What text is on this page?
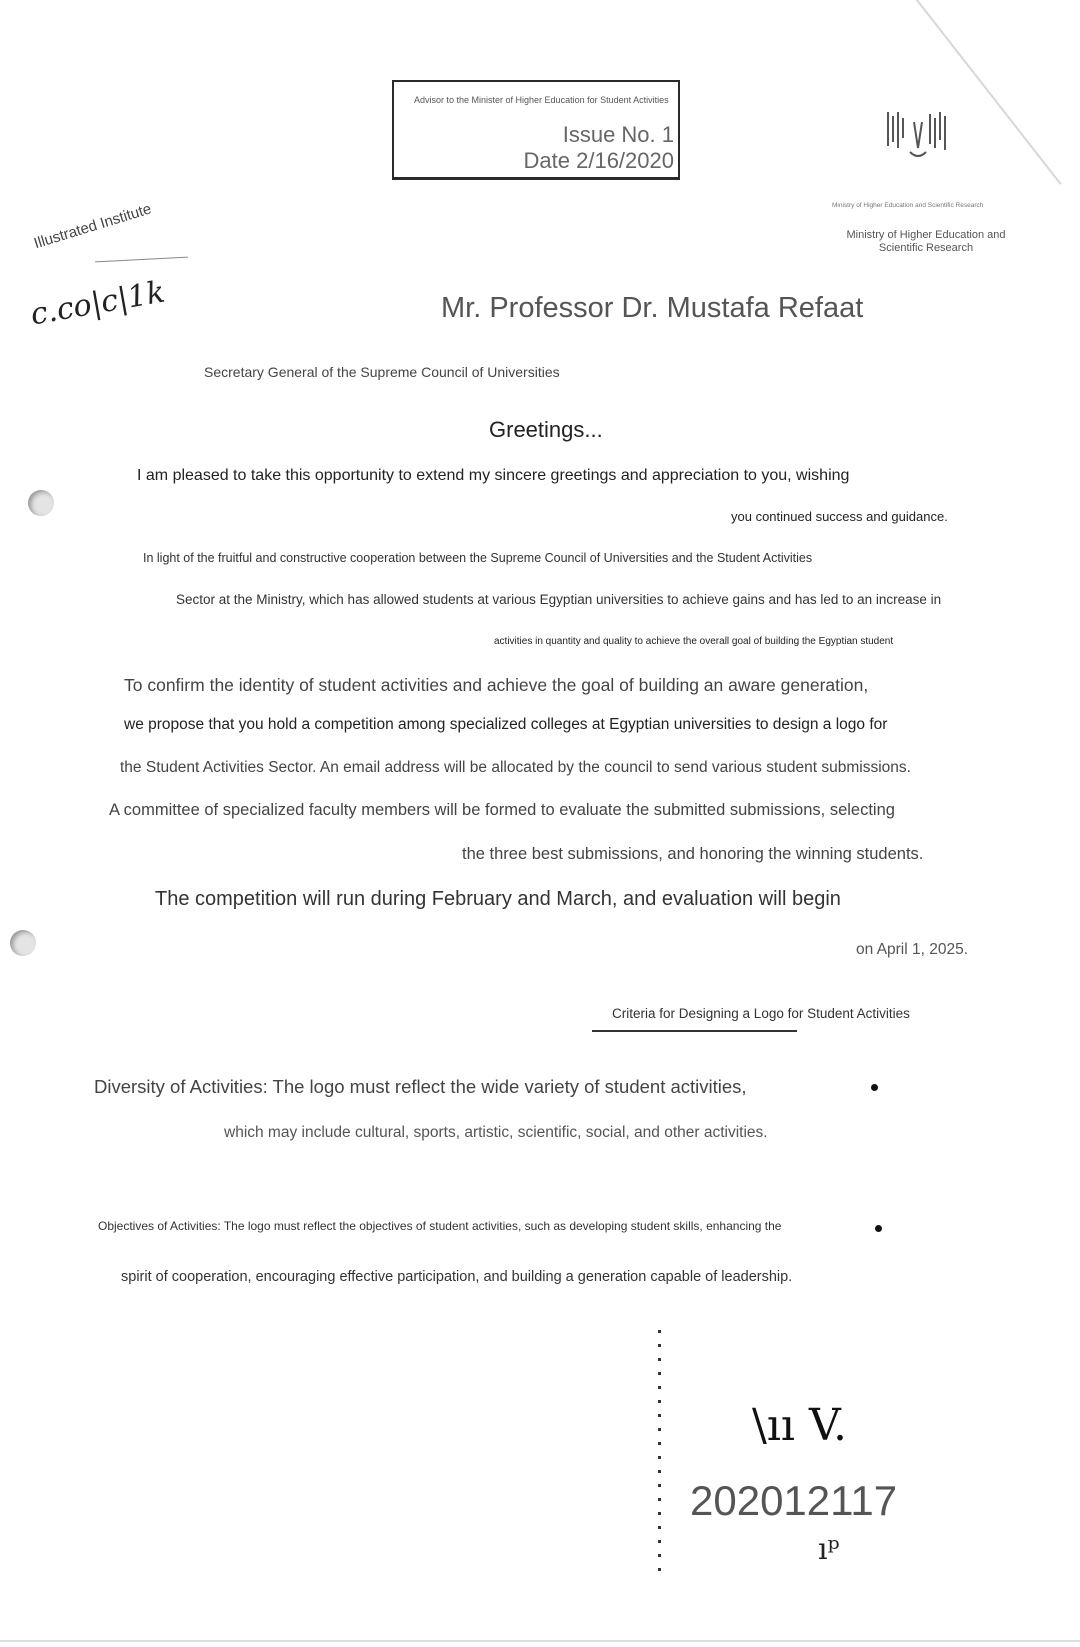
Advisor to the Minister of Higher Education for Student Activities
Issue No. 1
Date 2/16/2020
Ministry of Higher Education and Scientific Research
Ministry of Higher Education and Scientific Research
Illustrated Institute
c.co|c|1k	Mr. Professor Dr. Mustafa Refaat
Secretary General of the Supreme Council of Universities
Greetings...
I am pleased to take this opportunity to extend my sincere greetings and appreciation to you, wishing
you continued success and guidance.
In light of the fruitful and constructive cooperation between the Supreme Council of Universities and the Student Activities
Sector at the Ministry, which has allowed students at various Egyptian universities to achieve gains and has led to an increase in
activities in quantity and quality to achieve the overall goal of building the Egyptian student
To confirm the identity of student activities and achieve the goal of building an aware generation,
we propose that you hold a competition among specialized colleges at Egyptian universities to design a logo for
the Student Activities Sector. An email address will be allocated by the council to send various student submissions.
A committee of specialized faculty members will be formed to evaluate the submitted submissions, selecting
the three best submissions, and honoring the winning students.
The competition will run during February and March, and evaluation will begin
on April 1, 2025.
Criteria for Designing a Logo for Student Activities
Diversity of Activities: The logo must reflect the wide variety of student activities,
which may include cultural, sports, artistic, scientific, social, and other activities.
Objectives of Activities: The logo must reflect the objectives of student activities, such as developing student skills, enhancing the
spirit of cooperation, encouraging effective participation, and building a generation capable of leadership.
\ıı V.
202012117
ıᵖ
